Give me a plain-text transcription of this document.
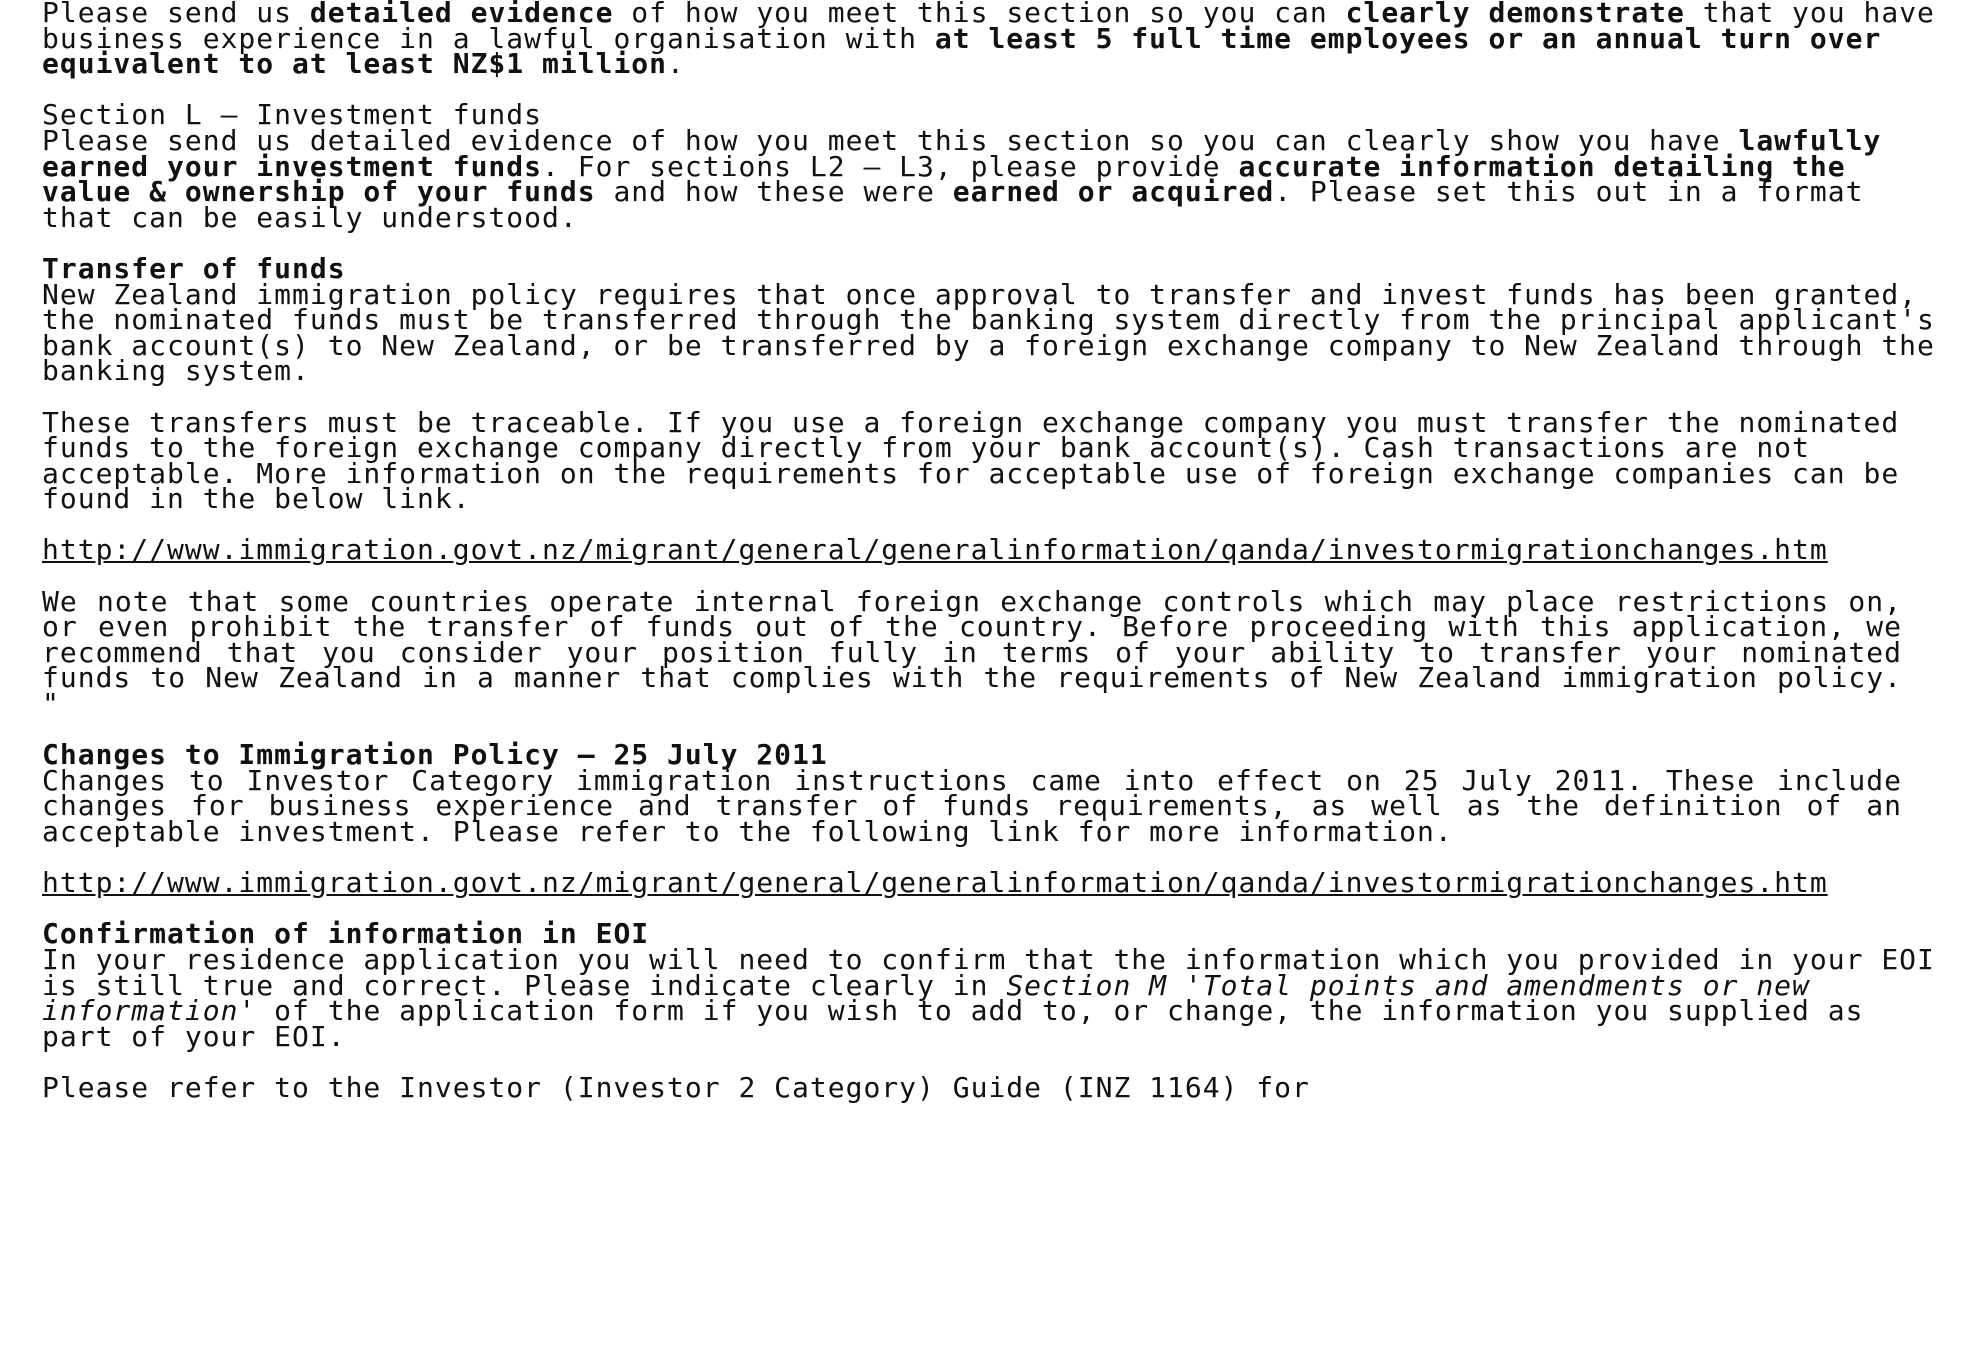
Please send us detailed evidence of how you meet this section so you can clearly demonstrate that you have business experience in a lawful organisation with at least 5 full time employees or an annual turn over equivalent to at least NZ$1 million.

Section L – Investment funds

Please send us detailed evidence of how you meet this section so you can clearly show you have lawfully earned your investment funds. For sections L2 – L3, please provide accurate information detailing the value & ownership of your funds and how these were earned or acquired. Please set this out in a format that can be easily understood.

Transfer of funds

New Zealand immigration policy requires that once approval to transfer and invest funds has been granted, the nominated funds must be transferred through the banking system directly from the principal applicant's bank account(s) to New Zealand, or be transferred by a foreign exchange company to New Zealand through the banking system.

These transfers must be traceable. If you use a foreign exchange company you must transfer the nominated funds to the foreign exchange company directly from your bank account(s). Cash transactions are not acceptable. More information on the requirements for acceptable use of foreign exchange companies can be found in the below link.

http://www.immigration.govt.nz/migrant/general/generalinformation/qanda/investormigrationchanges.htm

We note that some countries operate internal foreign exchange controls which may place restrictions on, or even prohibit the transfer of funds out of the country. Before proceeding with this application, we recommend that you consider your position fully in terms of your ability to transfer your nominated funds to New Zealand in a manner that complies with the requirements of New Zealand immigration policy. "

Changes to Immigration Policy – 25 July 2011

Changes to Investor Category immigration instructions came into effect on 25 July 2011. These include changes for business experience and transfer of funds requirements, as well as the definition of an acceptable investment. Please refer to the following link for more information.

http://www.immigration.govt.nz/migrant/general/generalinformation/qanda/investormigrationchanges.htm

Confirmation of information in EOI

In your residence application you will need to confirm that the information which you provided in your EOI is still true and correct. Please indicate clearly in Section M 'Total points and amendments or new information' of the application form if you wish to add to, or change, the information you supplied as part of your EOI.

Please refer to the Investor (Investor 2 Category) Guide (INZ 1164) for
